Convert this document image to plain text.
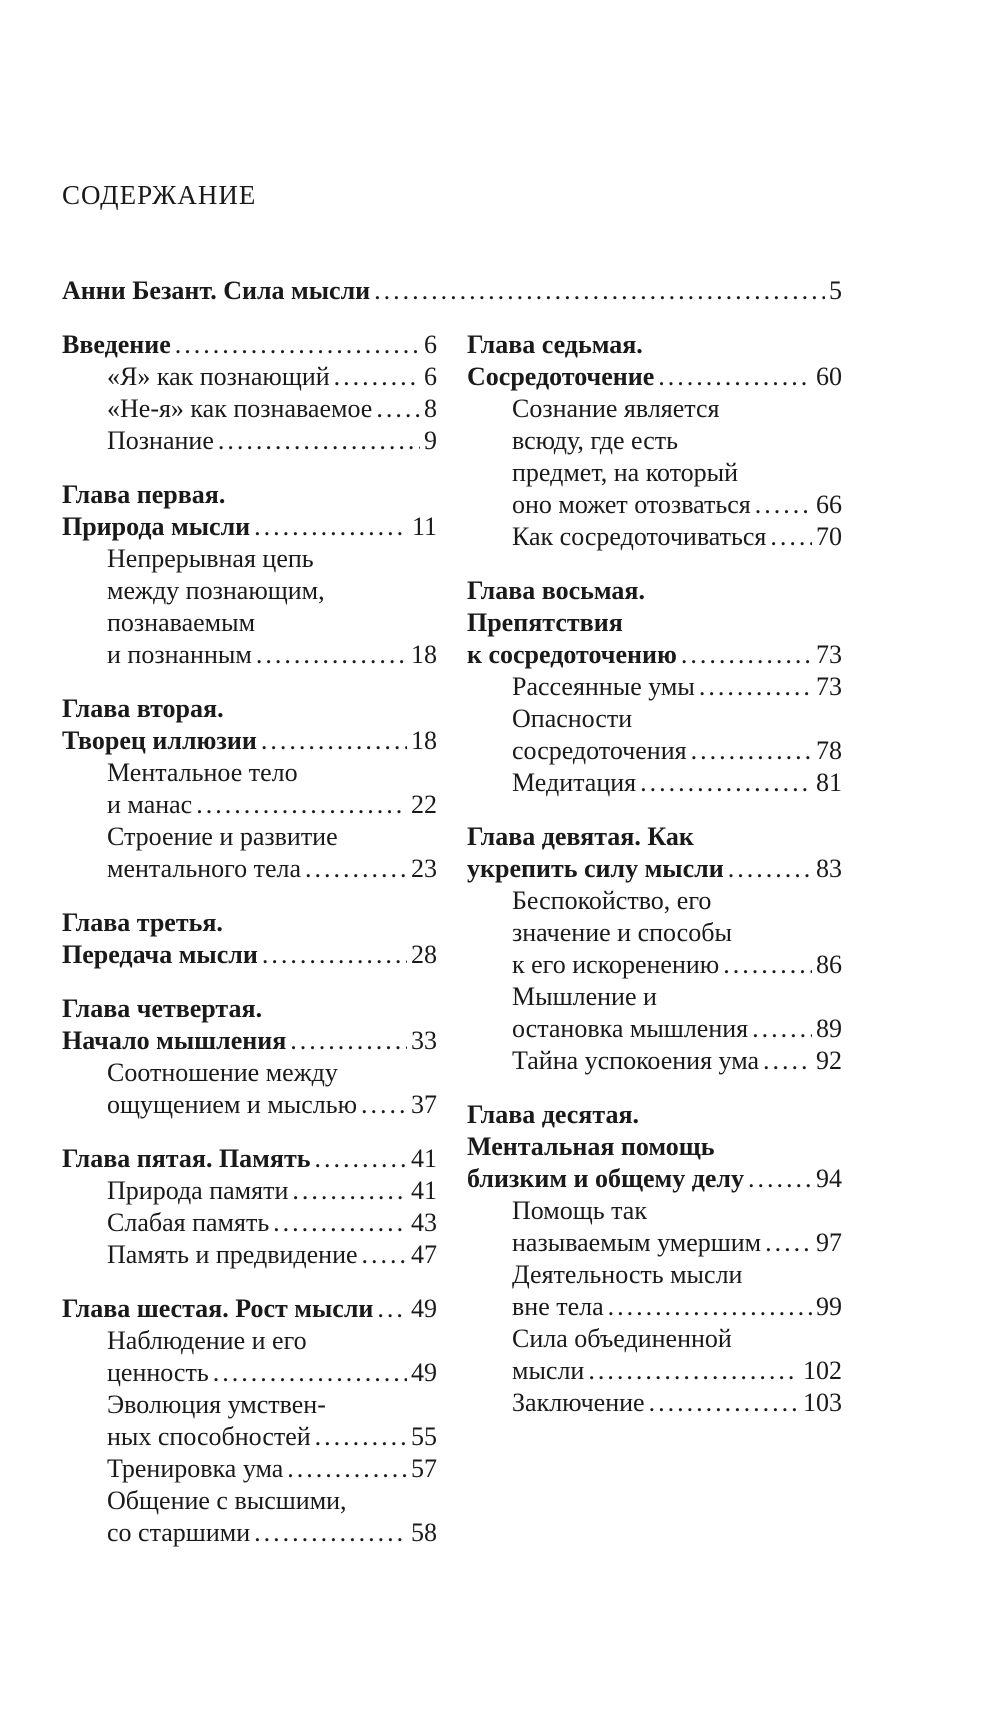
СОДЕРЖАНИЕ
Анни Безант. Сила мысли .....	5
Введение .....	6
«Я» как познающий .....	6
«Не-я» как познаваемое ..... 8
Познание .....	9
Глава первая.
Природа мысли .....	11
Непрерывная цепь
между познающим,
познаваемым
и познанным .....	18
Глава вторая.
Творец иллюзии .....	18
Ментальное тело
и манас .....	22
Строение и развитие
ментального тела .....	23
Глава третья.
Передача мысли .....	28
Глава четвертая.
Начало мышления .....	33
Соотношение между
ощущением и мыслью ..... 37
Глава пятая. Память .....	41
Природа памяти .....	41
Слабая память .....	43
Память и предвидение ..... 47
Глава шестая. Рост мысли ..... 49
Наблюдение и его
ценность .....	49
Эволюция умствен-
ных способностей .....	55
Тренировка ума .....	57
Общение с высшими,
со старшими .....	58
Глава седьмая.
Сосредоточение .....	60
Сознание является
всюду, где есть
предмет, на который
оно может отозваться .....	66
Как сосредоточиваться ..... 70
Глава восьмая.
Препятствия
к сосредоточению .....	73
Рассеянные умы .....	73
Опасности
сосредоточения .....	78
Медитация .....	81
Глава девятая. Как
укрепить силу мысли .....	83
Беспокойство, его
значение и способы
к его искоренению .....	86
Мышление и
остановка мышления .....	89
Тайна успокоения ума ..... 92
Глава десятая.
Ментальная помощь
близким и общему делу .....	94
Помощь так
называемым умершим ..... 97
Деятельность мысли
вне тела .....	99
Сила объединенной
мысли .....	102
Заключение .....	103
